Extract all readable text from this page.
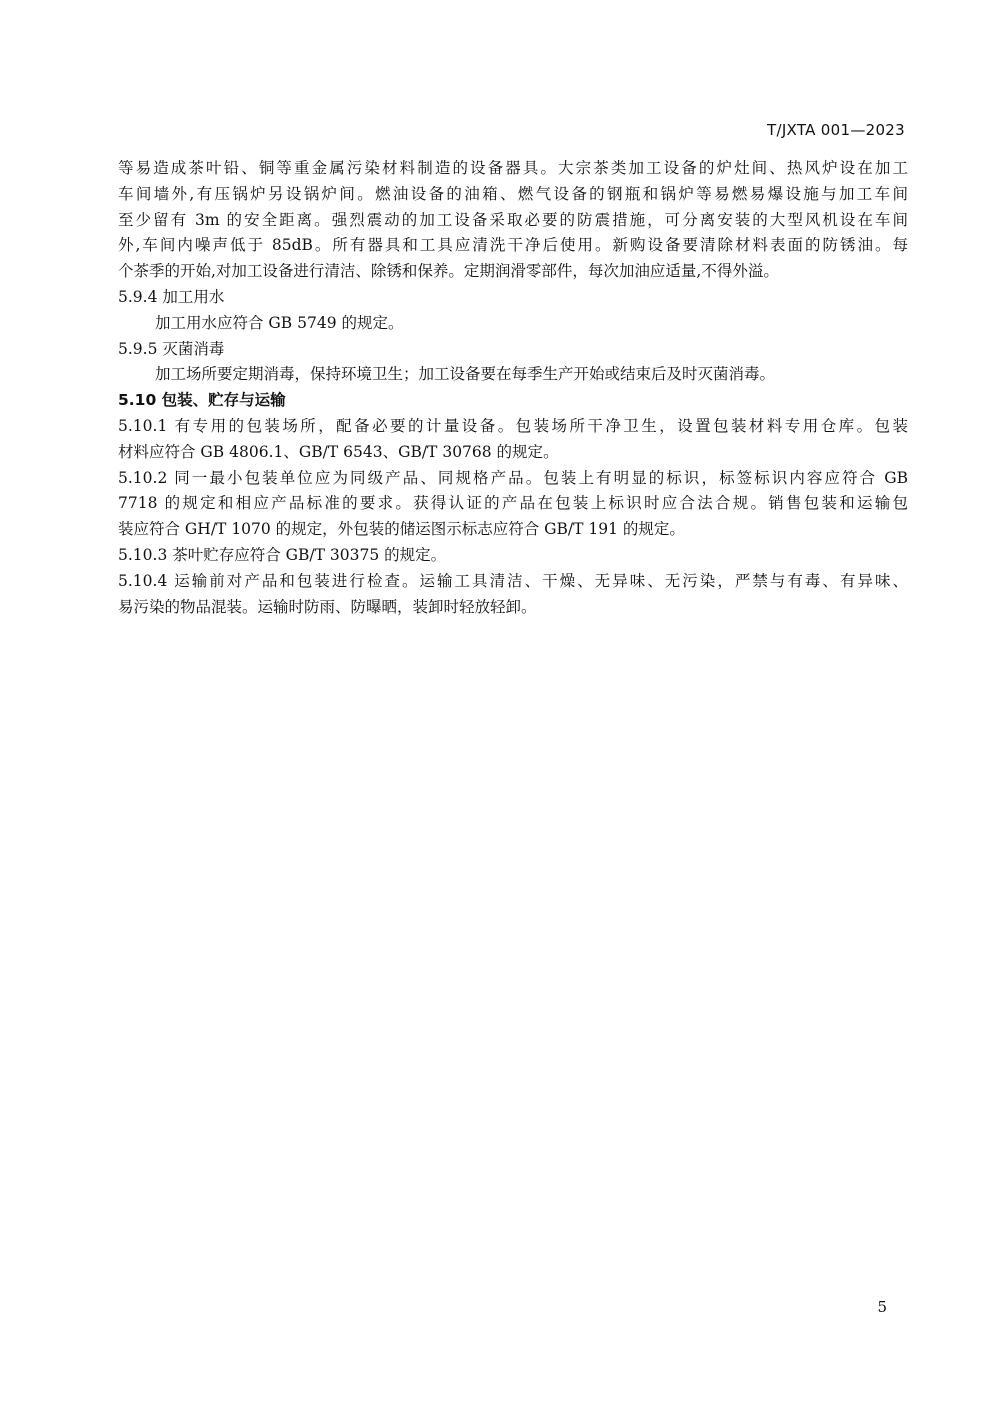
T/JXTA 001—2023
等易造成茶叶铅、铜等重金属污染材料制造的设备器具。大宗茶类加工设备的炉灶间、热风炉设在加工
车间墙外,有压锅炉另设锅炉间。燃油设备的油箱、燃气设备的钢瓶和锅炉等易燃易爆设施与加工车间
至少留有 3m 的安全距离。强烈震动的加工设备采取必要的防震措施，可分离安装的大型风机设在车间
外,车间内噪声低于 85dB。所有器具和工具应清洗干净后使用。新购设备要清除材料表面的防锈油。每
个茶季的开始,对加工设备进行清洁、除锈和保养。定期润滑零部件，每次加油应适量,不得外溢。
5.9.4 加工用水
加工用水应符合 GB 5749 的规定。
5.9.5 灭菌消毒
加工场所要定期消毒，保持环境卫生；加工设备要在每季生产开始或结束后及时灭菌消毒。
5.10 包装、贮存与运输
5.10.1 有专用的包装场所，配备必要的计量设备。包装场所干净卫生，设置包装材料专用仓库。包装
材料应符合 GB 4806.1、GB/T 6543、GB/T 30768 的规定。
5.10.2 同一最小包装单位应为同级产品、同规格产品。包装上有明显的标识，标签标识内容应符合 GB
7718 的规定和相应产品标准的要求。获得认证的产品在包装上标识时应合法合规。销售包装和运输包
装应符合 GH/T 1070 的规定，外包装的储运图示标志应符合 GB/T 191 的规定。
5.10.3 茶叶贮存应符合 GB/T 30375 的规定。
5.10.4 运输前对产品和包装进行检查。运输工具清洁、干燥、无异味、无污染，严禁与有毒、有异味、
易污染的物品混装。运输时防雨、防曝晒，装卸时轻放轻卸。
5
